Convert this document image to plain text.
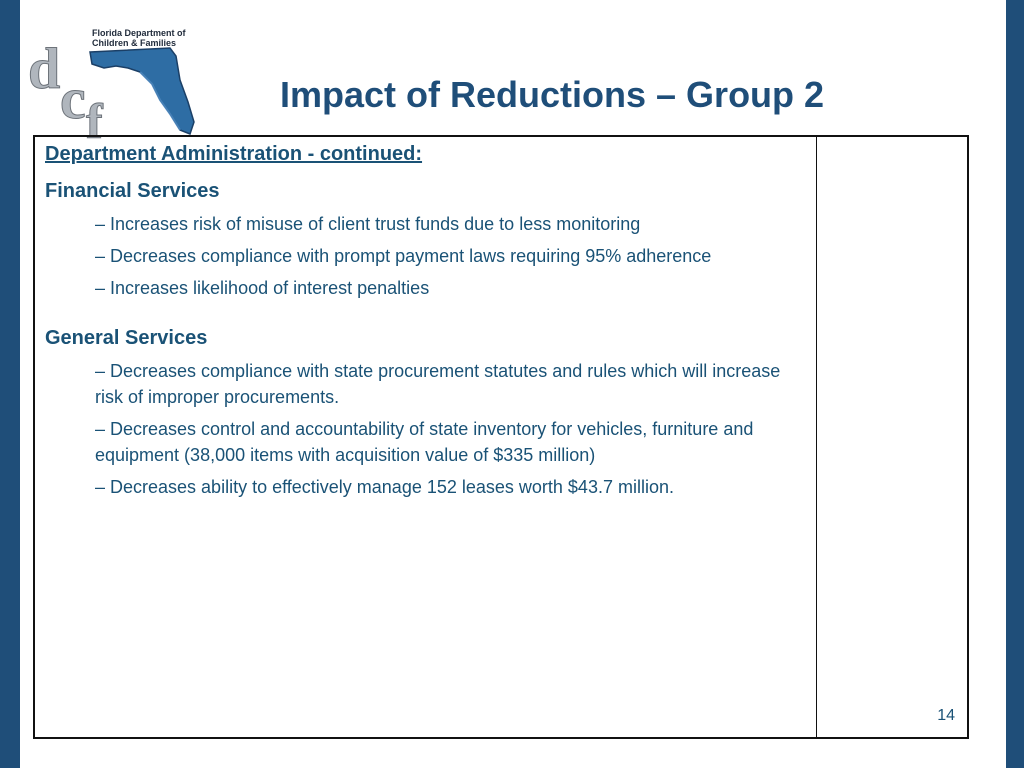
d c f
Florida Department of
Children & Families
Impact of Reductions – Group 2
Department Administration - continued:
Financial Services
– Increases risk of misuse of client trust funds due to less monitoring
– Decreases compliance with prompt payment laws requiring 95% adherence
– Increases likelihood of interest penalties
General Services
– Decreases compliance with state procurement statutes and rules which will increase risk of improper procurements.
– Decreases control and accountability of state inventory for vehicles, furniture and equipment (38,000 items with acquisition value of $335 million)
– Decreases ability to effectively manage 152 leases worth $43.7 million.
14
